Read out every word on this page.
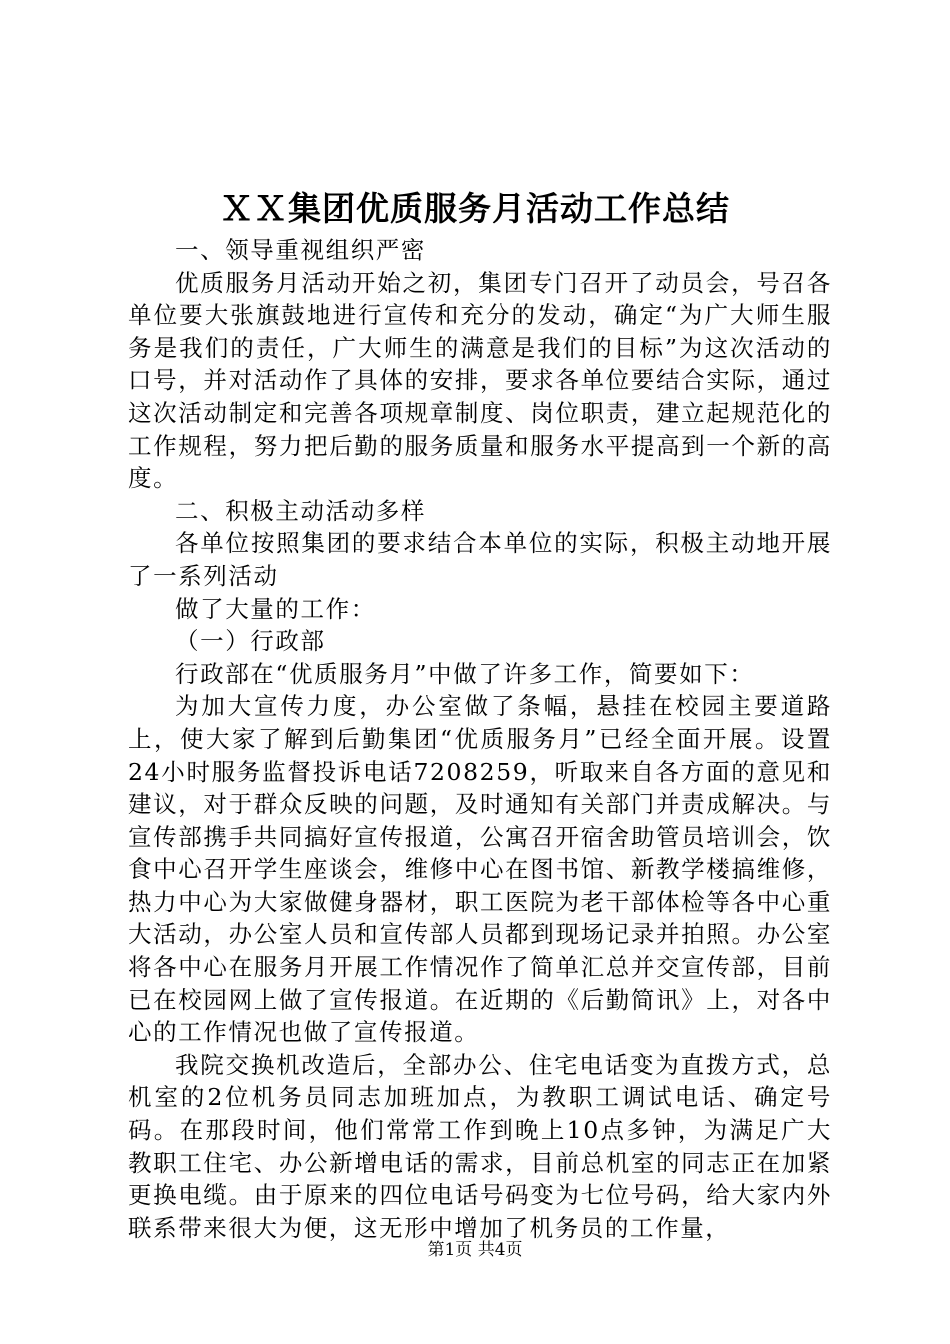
ＸＸ集团优质服务月活动工作总结

一、领导重视组织严密

优质服务月活动开始之初，集团专门召开了动员会，号召各单位要大张旗鼓地进行宣传和充分的发动，确定“为广大师生服务是我们的责任，广大师生的满意是我们的目标”为这次活动的口号，并对活动作了具体的安排，要求各单位要结合实际，通过这次活动制定和完善各项规章制度、岗位职责，建立起规范化的工作规程，努力把后勤的服务质量和服务水平提高到一个新的高度。

二、积极主动活动多样

各单位按照集团的要求结合本单位的实际，积极主动地开展了一系列活动

做了大量的工作：

（一）行政部

行政部在“优质服务月”中做了许多工作，简要如下：

为加大宣传力度，办公室做了条幅，悬挂在校园主要道路上，使大家了解到后勤集团“优质服务月”已经全面开展。设置24小时服务监督投诉电话7208259，听取来自各方面的意见和建议，对于群众反映的问题，及时通知有关部门并责成解决。与宣传部携手共同搞好宣传报道，公寓召开宿舍助管员培训会，饮食中心召开学生座谈会，维修中心在图书馆、新教学楼搞维修，热力中心为大家做健身器材，职工医院为老干部体检等各中心重大活动，办公室人员和宣传部人员都到现场记录并拍照。办公室将各中心在服务月开展工作情况作了简单汇总并交宣传部，目前已在校园网上做了宣传报道。在近期的《后勤简讯》上，对各中心的工作情况也做了宣传报道。

我院交换机改造后，全部办公、住宅电话变为直拨方式，总机室的2位机务员同志加班加点，为教职工调试电话、确定号码。在那段时间，他们常常工作到晚上10点多钟，为满足广大教职工住宅、办公新增电话的需求，目前总机室的同志正在加紧更换电缆。由于原来的四位电话号码变为七位号码，给大家内外联系带来很大为便，这无形中增加了机务员的工作量，

第1页 共4页
